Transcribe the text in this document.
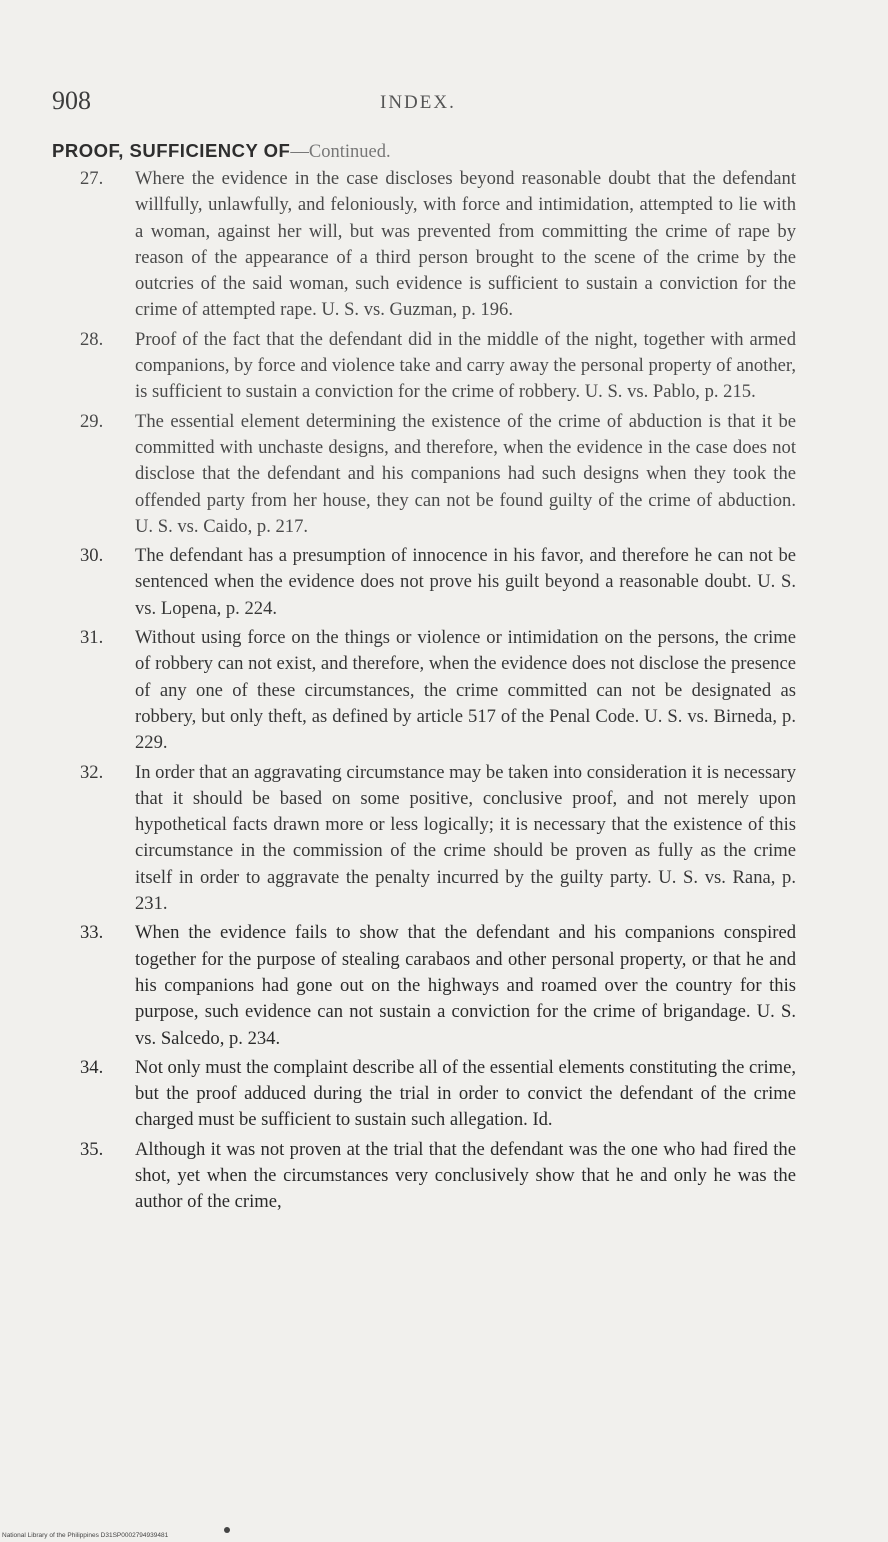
908	INDEX.
PROOF, SUFFICIENCY OF—Continued.
27. Where the evidence in the case discloses beyond reasonable doubt that the defendant willfully, unlawfully, and feloniously, with force and intimidation, attempted to lie with a woman, against her will, but was prevented from committing the crime of rape by reason of the appearance of a third person brought to the scene of the crime by the outcries of the said woman, such evidence is sufficient to sustain a conviction for the crime of attempted rape. U. S. vs. Guzman, p. 196.
28. Proof of the fact that the defendant did in the middle of the night, together with armed companions, by force and violence take and carry away the personal property of another, is sufficient to sustain a conviction for the crime of robbery. U. S. vs. Pablo, p. 215.
29. The essential element determining the existence of the crime of abduction is that it be committed with unchaste designs, and therefore, when the evidence in the case does not disclose that the defendant and his companions had such designs when they took the offended party from her house, they can not be found guilty of the crime of abduction. U. S. vs. Caido, p. 217.
30. The defendant has a presumption of innocence in his favor, and therefore he can not be sentenced when the evidence does not prove his guilt beyond a reasonable doubt. U. S. vs. Lopena, p. 224.
31. Without using force on the things or violence or intimidation on the persons, the crime of robbery can not exist, and therefore, when the evidence does not disclose the presence of any one of these circumstances, the crime committed can not be designated as robbery, but only theft, as defined by article 517 of the Penal Code. U. S. vs. Birneda, p. 229.
32. In order that an aggravating circumstance may be taken into consideration it is necessary that it should be based on some positive, conclusive proof, and not merely upon hypothetical facts drawn more or less logically; it is necessary that the existence of this circumstance in the commission of the crime should be proven as fully as the crime itself in order to aggravate the penalty incurred by the guilty party. U. S. vs. Rana, p. 231.
33. When the evidence fails to show that the defendant and his companions conspired together for the purpose of stealing carabaos and other personal property, or that he and his companions had gone out on the highways and roamed over the country for this purpose, such evidence can not sustain a conviction for the crime of brigandage. U. S. vs. Salcedo, p. 234.
34. Not only must the complaint describe all of the essential elements constituting the crime, but the proof adduced during the trial in order to convict the defendant of the crime charged must be sufficient to sustain such allegation. Id.
35. Although it was not proven at the trial that the defendant was the one who had fired the shot, yet when the circumstances very conclusively show that he and only he was the author of the crime,
National Library of the Philippines D31SP0002794939481
